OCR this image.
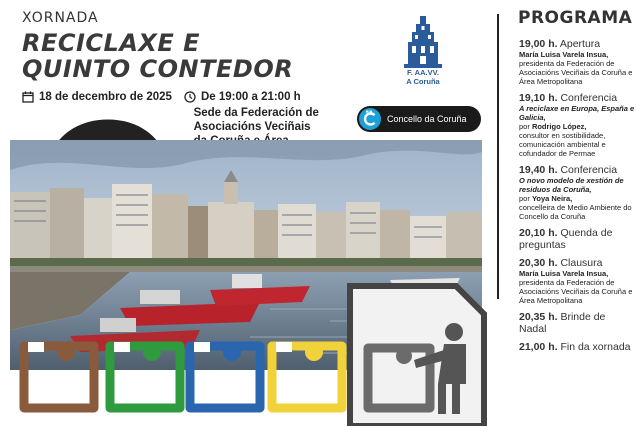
XORNADA
RECICLAXE E
QUINTO CONTEDOR
18 de decembro de 2025	De 19:00 a 21:00 h
Sede da Federación de Asociacións Veciñais
F. AA.VV.
A Coruña
Concello da Coruña
PROGRAMA
19,00 h. Apertura
María Luisa Varela Insua,
presidenta da Federación de Asociacións Veciñais da Coruña e Área Metropolitana
19,10 h. Conferencia
A reciclaxe en Europa, España e Galicia,
por Rodrigo López,
consultor en sostibilidade, comunicación ambiental e cofundador de Permae
19,40 h. Conferencia
O novo modelo de xestión de residuos da Coruña,
por Yoya Neira,
concelleira de Medio Ambiente do Concello da Coruña
20,10 h. Quenda de preguntas
20,30 h. Clausura
María Luisa Varela Insua,
presidenta da Federación de Asociacións Veciñais da Coruña e Área Metropolitana
20,35 h. Brinde de Nadal
21,00 h. Fin da xornada
